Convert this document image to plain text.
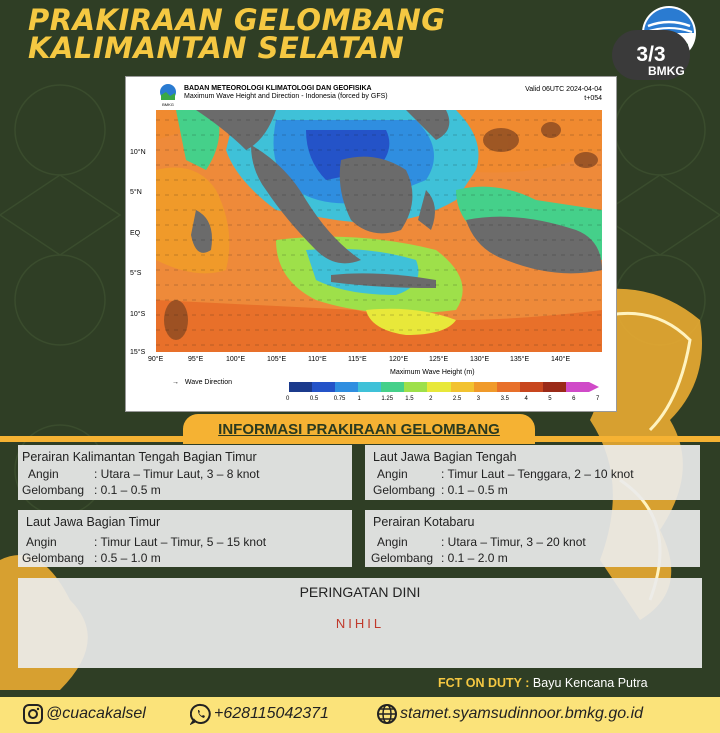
PRAKIRAAN GELOMBANG
KALIMANTAN SELATAN	3/3
BMKG
BMKG
BADAN METEOROLOGI KLIMATOLOGI DAN GEOFISIKA
Maximum Wave Height and Direction - Indonesia (forced by GFS)
Valid 06UTC 2024-04-04
t+054
10°N
5°N
EQ
5°S
10°S
15°S
90°E	95°E	100°E	105°E	110°E	115°E	120°E	125°E	130°E	135°E	140°E
→   Wave Direction
Maximum Wave Height (m)
0	0.5	0.75 1	1.25 1.5	2	2.5	3	3.5	4	5	6	7
INFORMASI PRAKIRAAN GELOMBANG
Perairan Kalimantan Tengah Bagian Timur
Angin	: Utara – Timur Laut, 3 – 8 knot
Gelombang : 0.1 – 0.5 m
Laut Jawa Bagian Tengah
Angin	: Timur Laut – Tenggara, 2 – 10 knot
Gelombang : 0.1 – 0.5 m
Laut Jawa Bagian Timur
Angin	: Timur Laut – Timur, 5 – 15 knot
Gelombang : 0.5 – 1.0 m
Perairan Kotabaru
Angin	: Utara – Timur, 3 – 20 knot
Gelombang : 0.1 – 2.0 m
PERINGATAN DINI
NIHIL
FCT ON DUTY : Bayu Kencana Putra
@cuacakalsel	+628115042371	stamet.syamsudinnoor.bmkg.go.id
